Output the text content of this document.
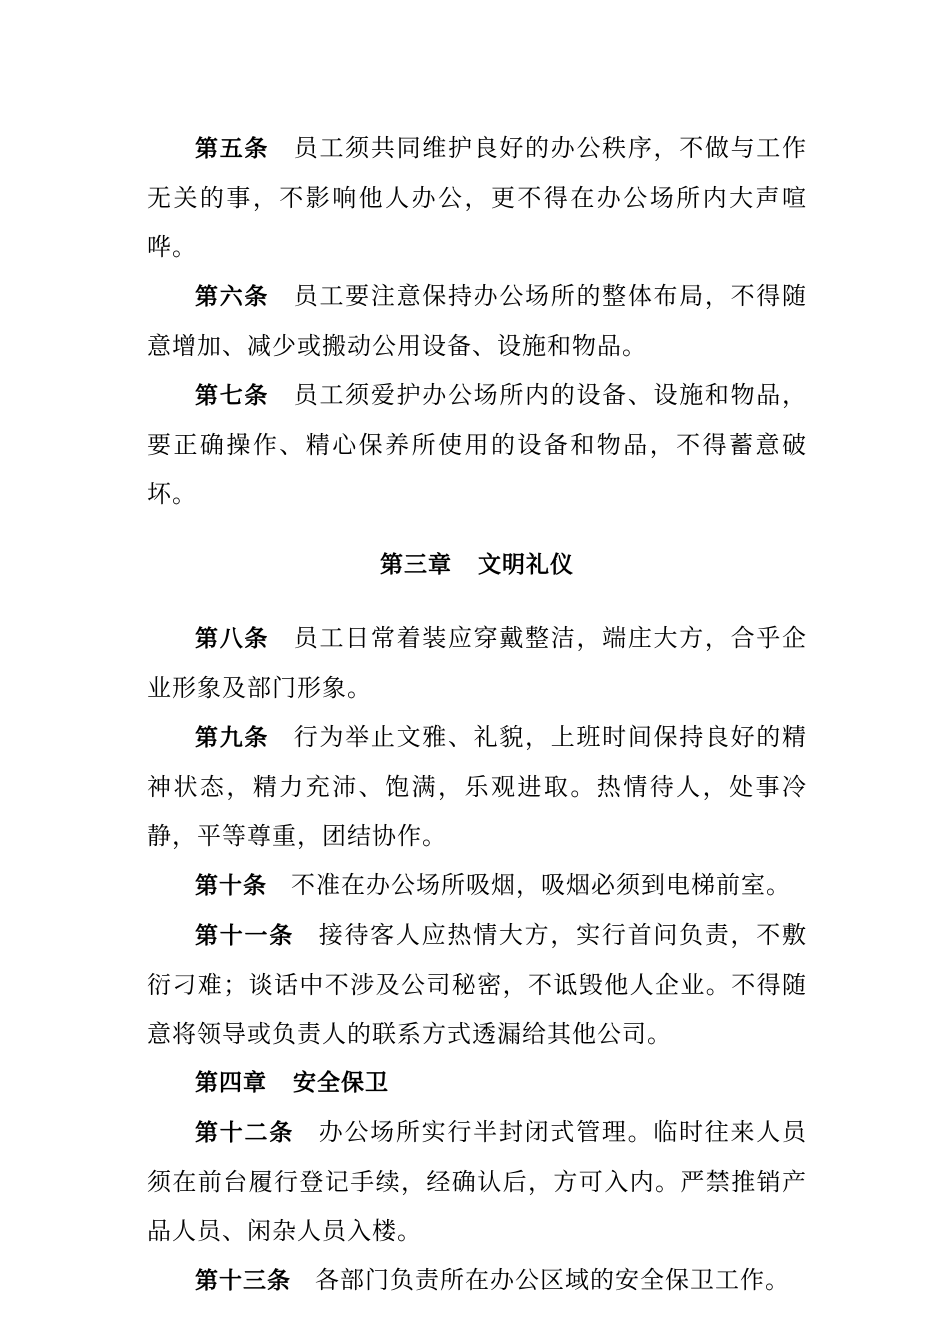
第五条 员工须共同维护良好的办公秩序，不做与工作无关的事，不影响他人办公，更不得在办公场所内大声喧哗。

第六条 员工要注意保持办公场所的整体布局，不得随意增加、减少或搬动公用设备、设施和物品。

第七条 员工须爱护办公场所内的设备、设施和物品，要正确操作、精心保养所使用的设备和物品，不得蓄意破坏。

第三章 文明礼仪

第八条 员工日常着装应穿戴整洁，端庄大方，合乎企业形象及部门形象。

第九条 行为举止文雅、礼貌，上班时间保持良好的精神状态，精力充沛、饱满，乐观进取。热情待人，处事冷静，平等尊重，团结协作。

第十条 不准在办公场所吸烟，吸烟必须到电梯前室。

第十一条 接待客人应热情大方，实行首问负责，不敷衍刁难；谈话中不涉及公司秘密，不诋毁他人企业。不得随意将领导或负责人的联系方式透漏给其他公司。

第四章 安全保卫

第十二条 办公场所实行半封闭式管理。临时往来人员须在前台履行登记手续，经确认后，方可入内。严禁推销产品人员、闲杂人员入楼。

第十三条 各部门负责所在办公区域的安全保卫工作。
